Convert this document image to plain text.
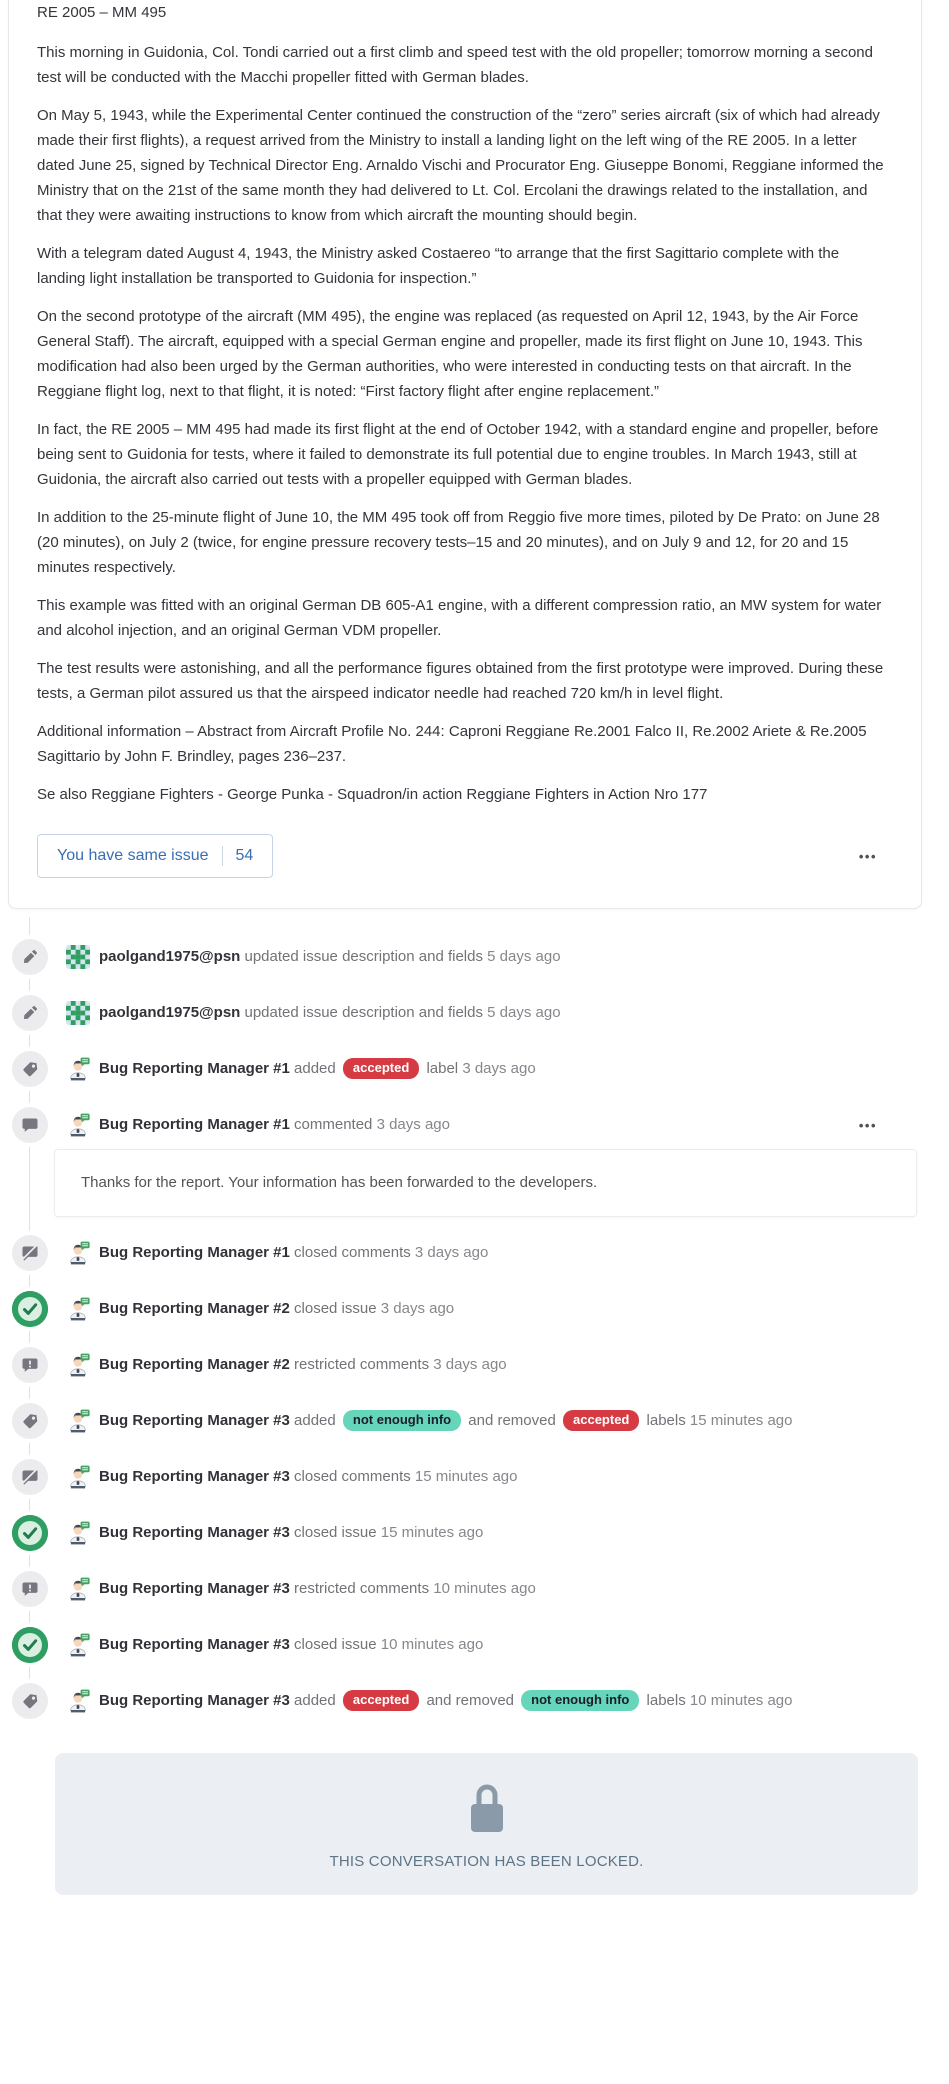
RE 2005 – MM 495

This morning in Guidonia, Col. Tondi carried out a first climb and speed test with the old propeller; tomorrow morning a second test will be conducted with the Macchi propeller fitted with German blades.

On May 5, 1943, while the Experimental Center continued the construction of the “zero” series aircraft (six of which had already made their first flights), a request arrived from the Ministry to install a landing light on the left wing of the RE 2005. In a letter dated June 25, signed by Technical Director Eng. Arnaldo Vischi and Procurator Eng. Giuseppe Bonomi, Reggiane informed the Ministry that on the 21st of the same month they had delivered to Lt. Col. Ercolani the drawings related to the installation, and that they were awaiting instructions to know from which aircraft the mounting should begin.

With a telegram dated August 4, 1943, the Ministry asked Costaereo “to arrange that the first Sagittario complete with the landing light installation be transported to Guidonia for inspection.”

On the second prototype of the aircraft (MM 495), the engine was replaced (as requested on April 12, 1943, by the Air Force General Staff). The aircraft, equipped with a special German engine and propeller, made its first flight on June 10, 1943. This modification had also been urged by the German authorities, who were interested in conducting tests on that aircraft. In the Reggiane flight log, next to that flight, it is noted: “First factory flight after engine replacement.”

In fact, the RE 2005 – MM 495 had made its first flight at the end of October 1942, with a standard engine and propeller, before being sent to Guidonia for tests, where it failed to demonstrate its full potential due to engine troubles. In March 1943, still at Guidonia, the aircraft also carried out tests with a propeller equipped with German blades.

In addition to the 25-minute flight of June 10, the MM 495 took off from Reggio five more times, piloted by De Prato: on June 28 (20 minutes), on July 2 (twice, for engine pressure recovery tests–15 and 20 minutes), and on July 9 and 12, for 20 and 15 minutes respectively.

This example was fitted with an original German DB 605-A1 engine, with a different compression ratio, an MW system for water and alcohol injection, and an original German VDM propeller.

The test results were astonishing, and all the performance figures obtained from the first prototype were improved. During these tests, a German pilot assured us that the airspeed indicator needle had reached 720 km/h in level flight.

Additional information – Abstract from Aircraft Profile No. 244: Caproni Reggiane Re.2001 Falco II, Re.2002 Ariete & Re.2005 Sagittario by John F. Brindley, pages 236–237.

Se also Reggiane Fighters - George Punka - Squadron/in action Reggiane Fighters in Action Nro 177

You have same issue 54	•••
paolgand1975@psn updated issue description and fields 5 days ago
paolgand1975@psn updated issue description and fields 5 days ago
Bug Reporting Manager #1 added accepted label 3 days ago
Bug Reporting Manager #1 commented 3 days ago	•••

Thanks for the report. Your information has been forwarded to the developers.

Bug Reporting Manager #1 closed comments 3 days ago
Bug Reporting Manager #2 closed issue 3 days ago
Bug Reporting Manager #2 restricted comments 3 days ago
Bug Reporting Manager #3 added not enough info and removed accepted labels 15 minutes ago
Bug Reporting Manager #3 closed comments 15 minutes ago
Bug Reporting Manager #3 closed issue 15 minutes ago
Bug Reporting Manager #3 restricted comments 10 minutes ago
Bug Reporting Manager #3 closed issue 10 minutes ago
Bug Reporting Manager #3 added accepted and removed not enough info labels 10 minutes ago
THIS CONVERSATION HAS BEEN LOCKED.
